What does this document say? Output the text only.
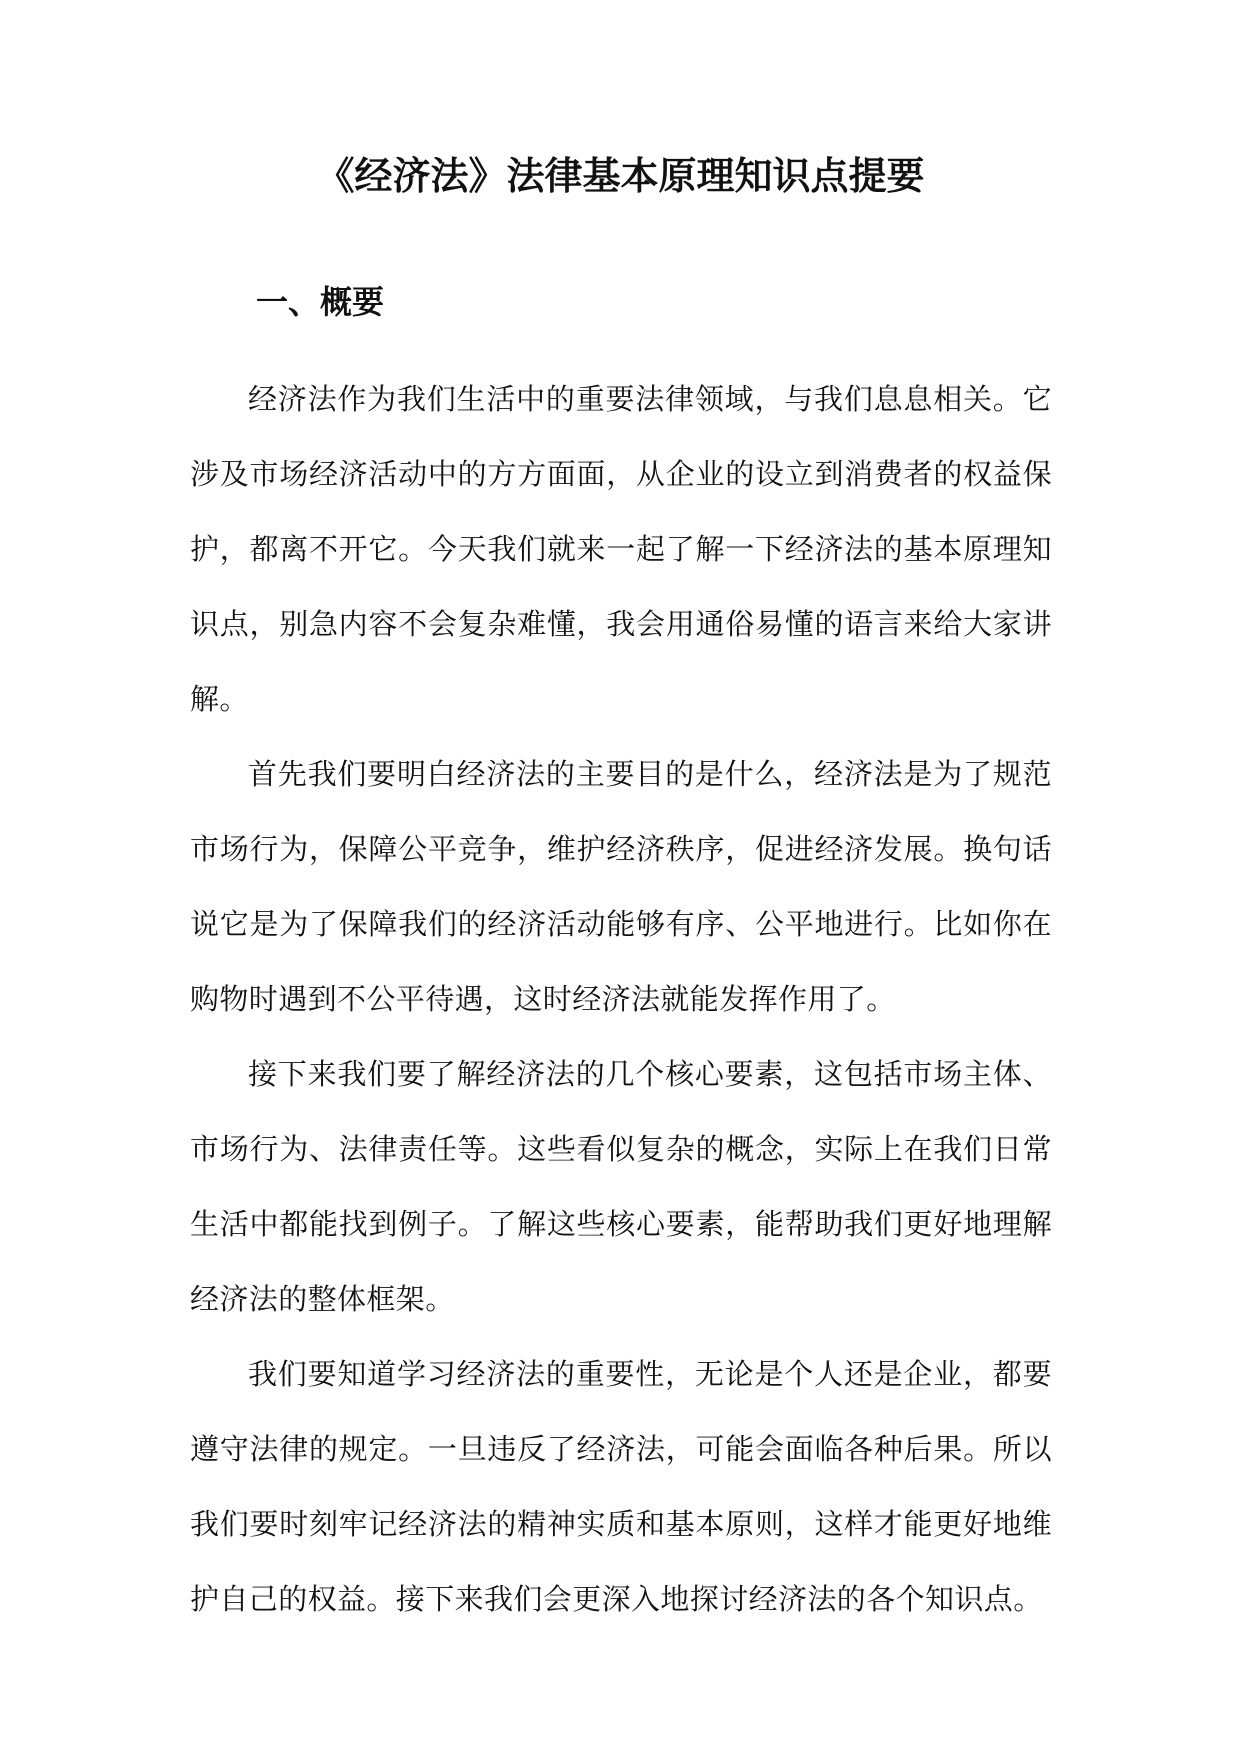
《经济法》法律基本原理知识点提要
一、概要

经济法作为我们生活中的重要法律领域，与我们息息相关。它涉及市场经济活动中的方方面面，从企业的设立到消费者的权益保护，都离不开它。今天我们就来一起了解一下经济法的基本原理知识点，别急内容不会复杂难懂，我会用通俗易懂的语言来给大家讲解。

首先我们要明白经济法的主要目的是什么，经济法是为了规范市场行为，保障公平竞争，维护经济秩序，促进经济发展。换句话说它是为了保障我们的经济活动能够有序、公平地进行。比如你在购物时遇到不公平待遇，这时经济法就能发挥作用了。

接下来我们要了解经济法的几个核心要素，这包括市场主体、市场行为、法律责任等。这些看似复杂的概念，实际上在我们日常生活中都能找到例子。了解这些核心要素，能帮助我们更好地理解经济法的整体框架。

我们要知道学习经济法的重要性，无论是个人还是企业，都要遵守法律的规定。一旦违反了经济法，可能会面临各种后果。所以我们要时刻牢记经济法的精神实质和基本原则，这样才能更好地维护自己的权益。接下来我们会更深入地探讨经济法的各个知识点。
